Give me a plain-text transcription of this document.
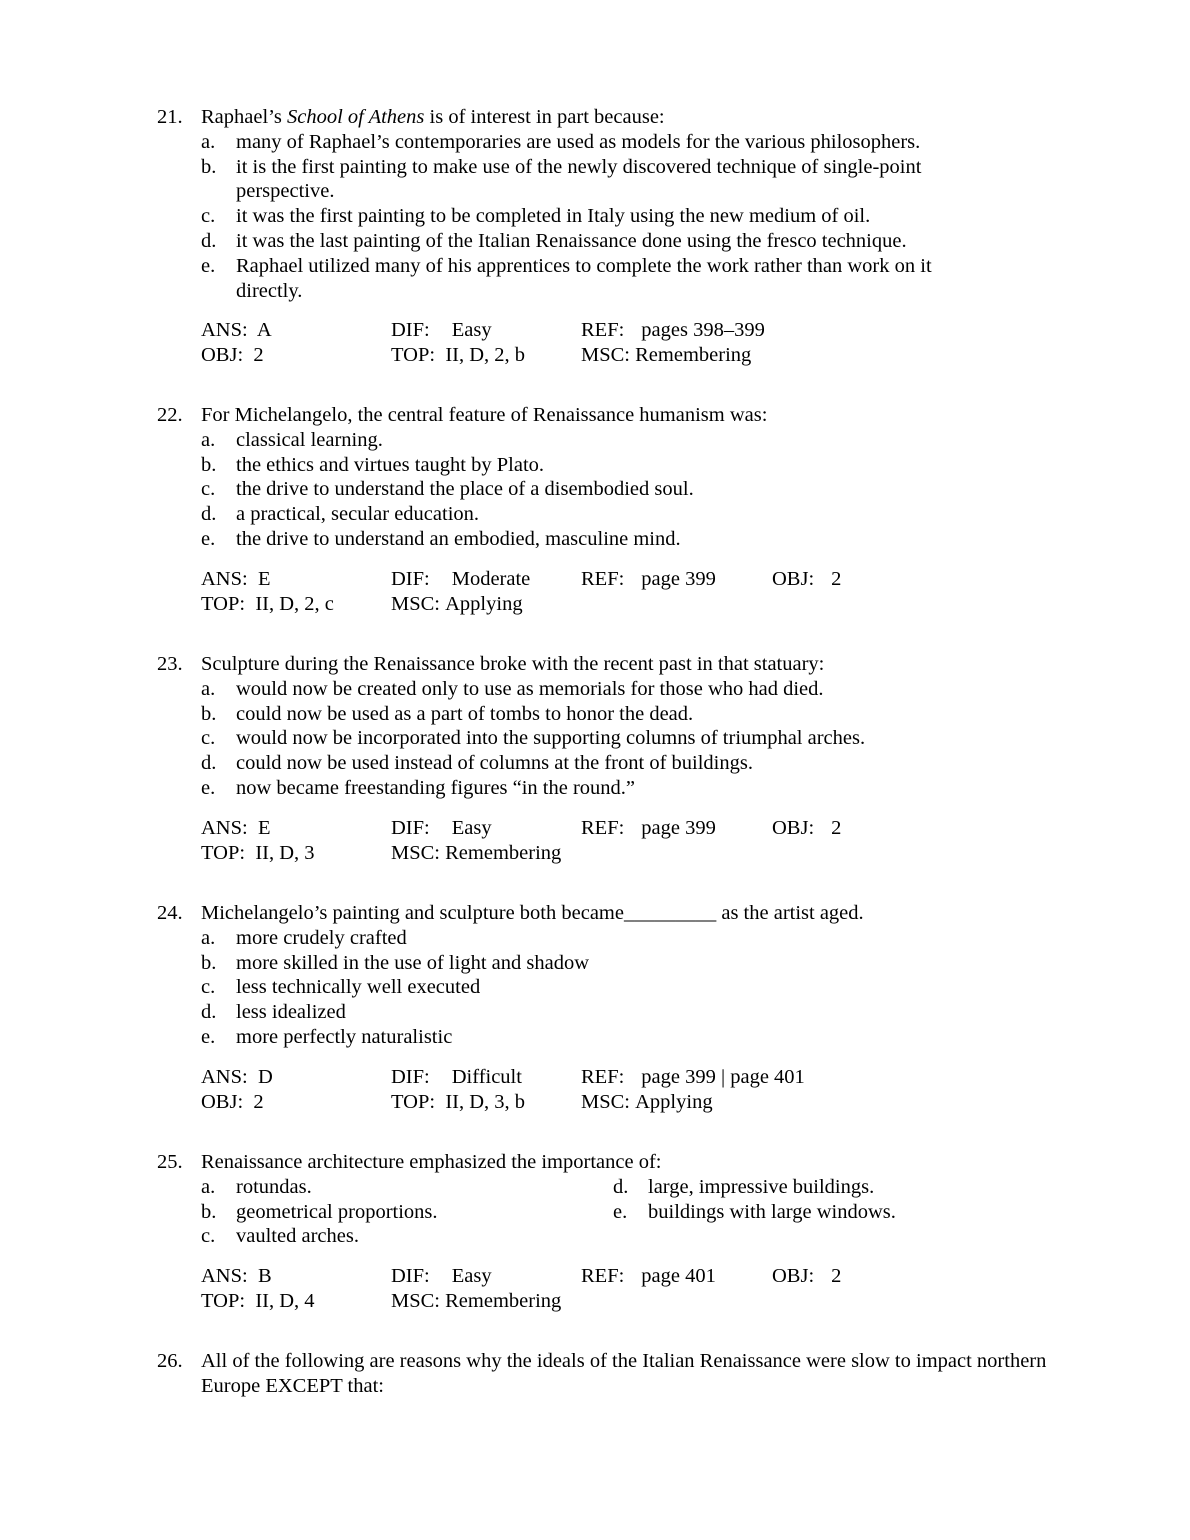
21. Raphael’s School of Athens is of interest in part because:
a. many of Raphael’s contemporaries are used as models for the various philosophers.
b. it is the first painting to make use of the newly discovered technique of single-point perspective.
c. it was the first painting to be completed in Italy using the new medium of oil.
d. it was the last painting of the Italian Renaissance done using the fresco technique.
e. Raphael utilized many of his apprentices to complete the work rather than work on it directly.
ANS: A	DIF: Easy	REF: pages 398–399
OBJ: 2	TOP: II, D, 2, b	MSC: Remembering
22. For Michelangelo, the central feature of Renaissance humanism was:
a. classical learning.
b. the ethics and virtues taught by Plato.
c. the drive to understand the place of a disembodied soul.
d. a practical, secular education.
e. the drive to understand an embodied, masculine mind.
ANS: E	DIF: Moderate REF: page 399	OBJ: 2
TOP: II, D, 2, c	MSC: Applying
23. Sculpture during the Renaissance broke with the recent past in that statuary:
a. would now be created only to use as memorials for those who had died.
b. could now be used as a part of tombs to honor the dead.
c. would now be incorporated into the supporting columns of triumphal arches.
d. could now be used instead of columns at the front of buildings.
e. now became freestanding figures “in the round.”
ANS: E	DIF: Easy	REF: page 399	OBJ: 2
TOP: II, D, 3	MSC: Remembering
24. Michelangelo’s painting and sculpture both became_________ as the artist aged.
a. more crudely crafted
b. more skilled in the use of light and shadow
c. less technically well executed
d. less idealized
e. more perfectly naturalistic
ANS: D	DIF: Difficult	REF: page 399 | page 401
OBJ: 2	TOP: II, D, 3, b	MSC: Applying
25. Renaissance architecture emphasized the importance of:
a. rotundas.
b. geometrical proportions.
c. vaulted arches.
d. large, impressive buildings.
e. buildings with large windows.
ANS: B	DIF: Easy	REF: page 401	OBJ: 2
TOP: II, D, 4	MSC: Remembering
26. All of the following are reasons why the ideals of the Italian Renaissance were slow to impact northern Europe EXCEPT that:
